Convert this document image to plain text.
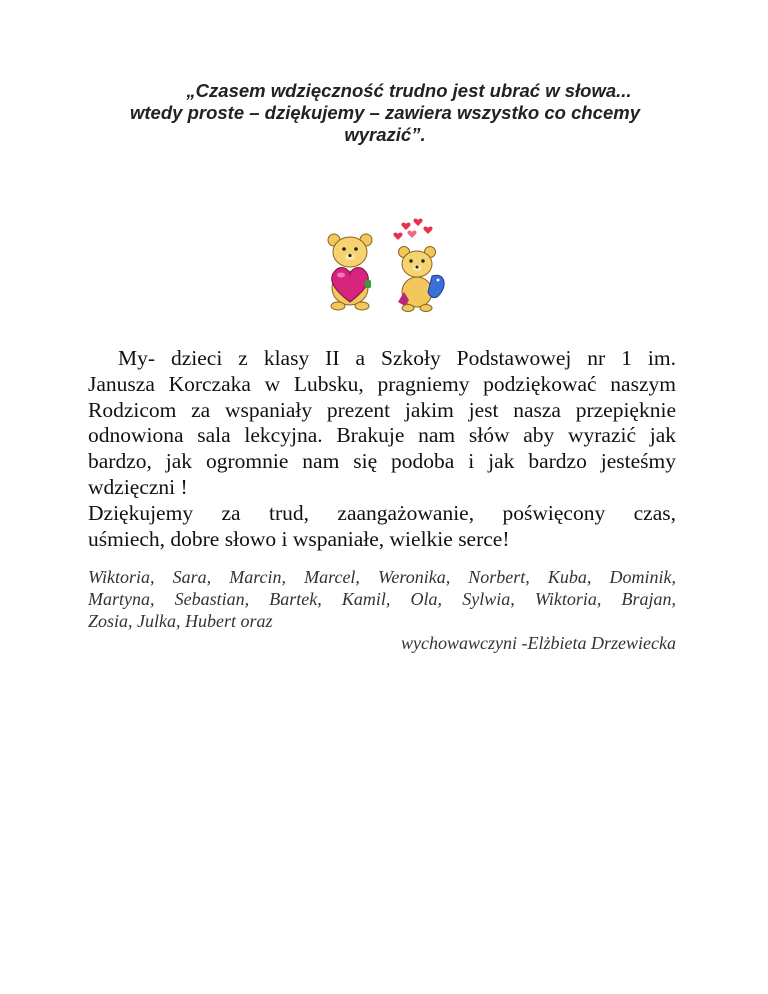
„Czasem wdzięczność trudno jest ubrać w słowa...
wtedy proste – dziękujemy – zawiera wszystko co chcemy
wyrazić”.
My- dzieci z klasy II a Szkoły Podstawowej nr 1 im.
Janusza Korczaka w Lubsku, pragniemy podziękować naszym
Rodzicom za wspaniały prezent jakim jest nasza przepięknie
odnowiona sala lekcyjna. Brakuje nam słów aby wyrazić jak
bardzo, jak ogromnie nam się podoba i jak bardzo jesteśmy
wdzięczni !
Dziękujemy za trud, zaangażowanie, poświęcony czas,
uśmiech, dobre słowo i wspaniałe, wielkie serce!
Wiktoria, Sara, Marcin, Marcel, Weronika, Norbert, Kuba, Dominik,
Martyna, Sebastian, Bartek, Kamil, Ola, Sylwia, Wiktoria, Brajan,
Zosia, Julka, Hubert oraz
wychowawczyni -Elżbieta Drzewiecka
